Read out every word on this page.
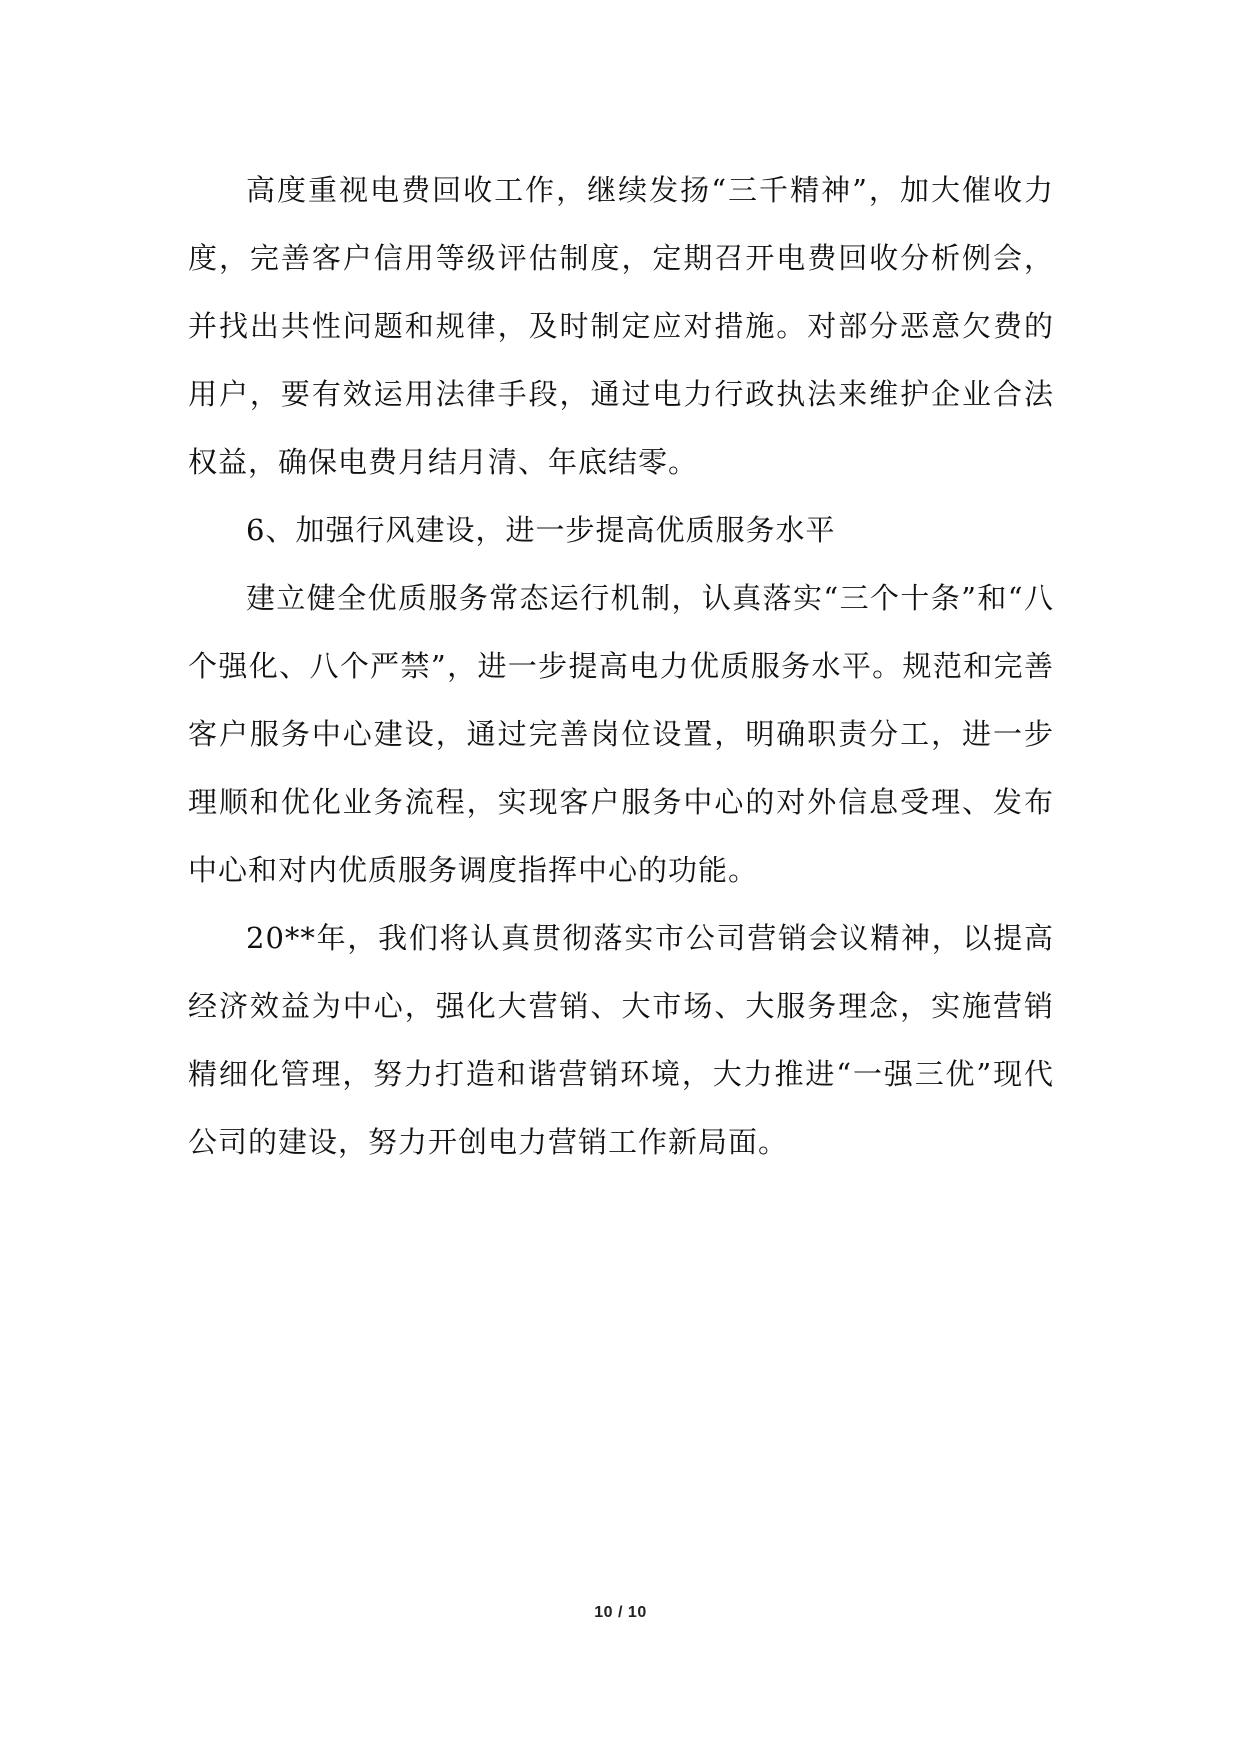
高度重视电费回收工作，继续发扬“三千精神”，加大催收力度，完善客户信用等级评估制度，定期召开电费回收分析例会，并找出共性问题和规律，及时制定应对措施。对部分恶意欠费的用户，要有效运用法律手段，通过电力行政执法来维护企业合法权益，确保电费月结月清、年底结零。

6、加强行风建设，进一步提高优质服务水平

建立健全优质服务常态运行机制，认真落实“三个十条”和“八个强化、八个严禁”，进一步提高电力优质服务水平。规范和完善客户服务中心建设，通过完善岗位设置，明确职责分工，进一步理顺和优化业务流程，实现客户服务中心的对外信息受理、发布中心和对内优质服务调度指挥中心的功能。

20**年，我们将认真贯彻落实市公司营销会议精神，以提高经济效益为中心，强化大营销、大市场、大服务理念，实施营销精细化管理，努力打造和谐营销环境，大力推进“一强三优”现代公司的建设，努力开创电力营销工作新局面。

10 / 10
